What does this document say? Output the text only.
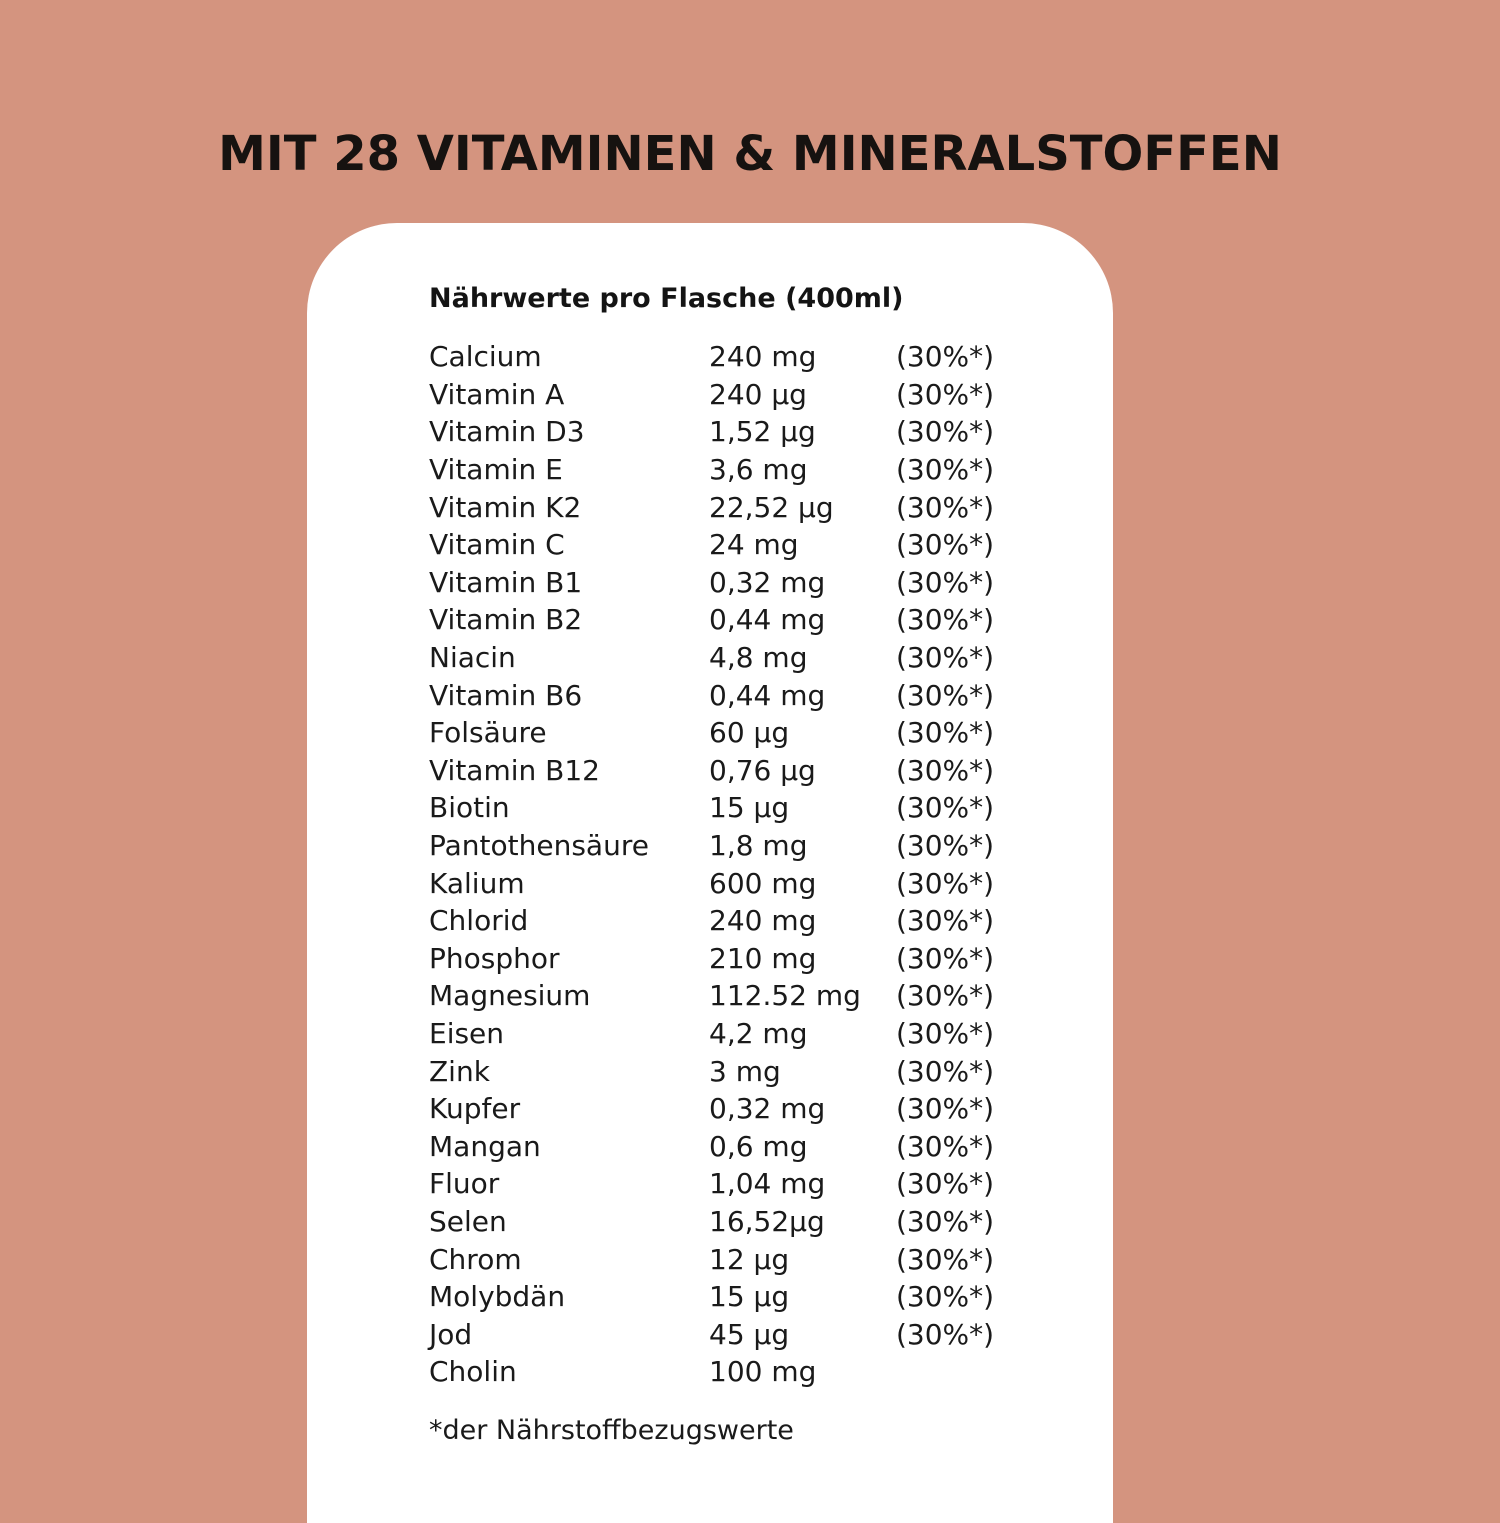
MIT 28 VITAMINEN & MINERALSTOFFEN
Nährwerte pro Flasche (400ml)
Calcium	240 mg	(30%*)
Vitamin A	240 µg	(30%*)
Vitamin D3	1,52 µg	(30%*)
Vitamin E	3,6 mg	(30%*)
Vitamin K2	22,52 µg	(30%*)
Vitamin C	24 mg	(30%*)
Vitamin B1	0,32 mg	(30%*)
Vitamin B2	0,44 mg	(30%*)
Niacin	4,8 mg	(30%*)
Vitamin B6	0,44 mg	(30%*)
Folsäure	60 µg	(30%*)
Vitamin B12	0,76 µg	(30%*)
Biotin	15 µg	(30%*)
Pantothensäure	1,8 mg	(30%*)
Kalium	600 mg	(30%*)
Chlorid	240 mg	(30%*)
Phosphor	210 mg	(30%*)
Magnesium	112.52 mg	(30%*)
Eisen	4,2 mg	(30%*)
Zink	3 mg	(30%*)
Kupfer	0,32 mg	(30%*)
Mangan	0,6 mg	(30%*)
Fluor	1,04 mg	(30%*)
Selen	16,52µg	(30%*)
Chrom	12 µg	(30%*)
Molybdän	15 µg	(30%*)
Jod	45 µg	(30%*)
Cholin	100 mg

*der Nährstoffbezugswerte
